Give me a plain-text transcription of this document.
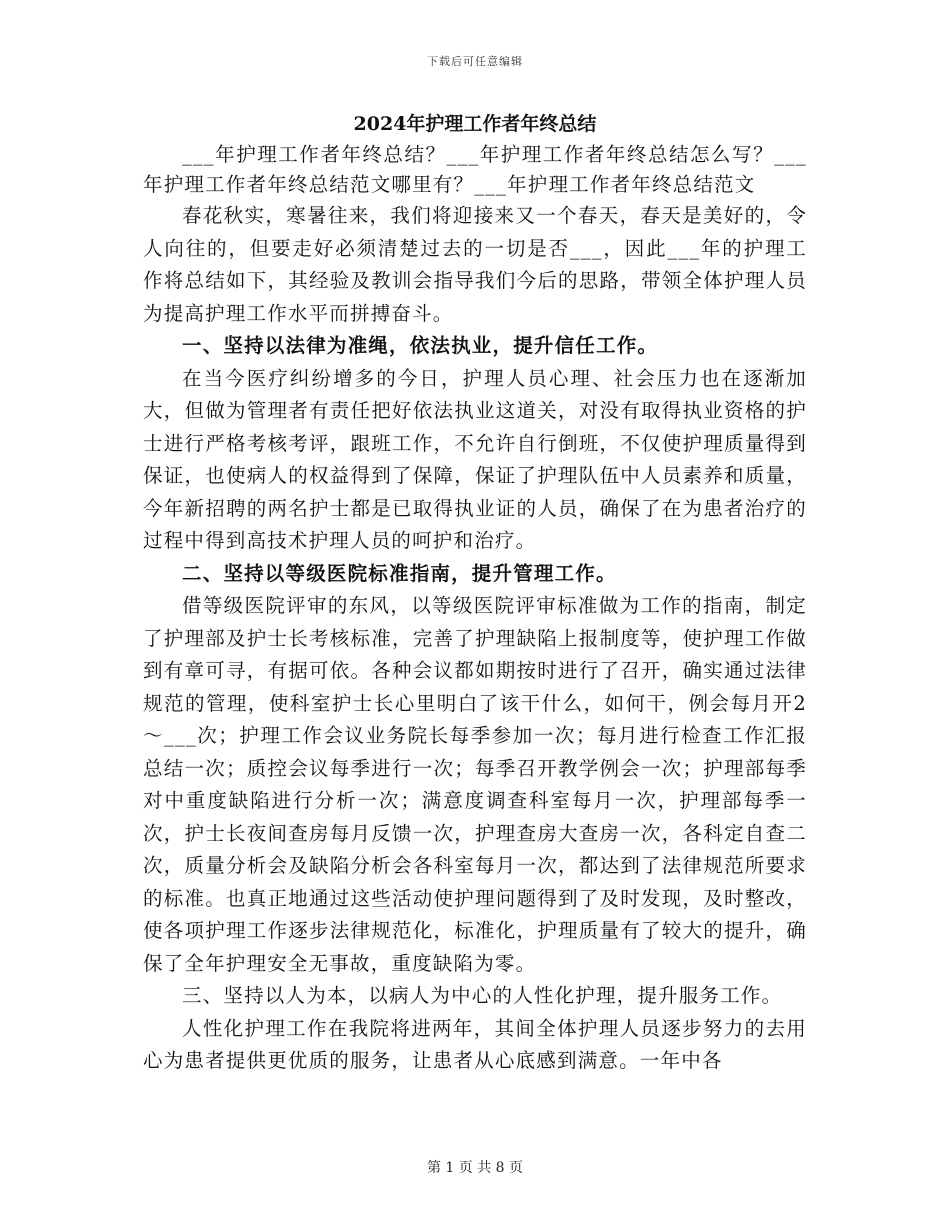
下载后可任意编辑
2024年护理工作者年终总结

___年护理工作者年终总结？___年护理工作者年终总结怎么写？___年护理工作者年终总结范文哪里有？___年护理工作者年终总结范文

春花秋实，寒暑往来，我们将迎接来又一个春天，春天是美好的，令人向往的，但要走好必须清楚过去的一切是否___，因此___年的护理工作将总结如下，其经验及教训会指导我们今后的思路，带领全体护理人员为提高护理工作水平而拼搏奋斗。

一、坚持以法律为准绳，依法执业，提升信任工作。

在当今医疗纠纷增多的今日，护理人员心理、社会压力也在逐渐加大，但做为管理者有责任把好依法执业这道关，对没有取得执业资格的护士进行严格考核考评，跟班工作，不允许自行倒班，不仅使护理质量得到保证，也使病人的权益得到了保障，保证了护理队伍中人员素养和质量，今年新招聘的两名护士都是已取得执业证的人员，确保了在为患者治疗的过程中得到高技术护理人员的呵护和治疗。

二、坚持以等级医院标准指南，提升管理工作。

借等级医院评审的东风，以等级医院评审标准做为工作的指南，制定了护理部及护士长考核标准，完善了护理缺陷上报制度等，使护理工作做到有章可寻，有据可依。各种会议都如期按时进行了召开，确实通过法律规范的管理，使科室护士长心里明白了该干什么，如何干，例会每月开2～___次；护理工作会议业务院长每季参加一次；每月进行检查工作汇报总结一次；质控会议每季进行一次；每季召开教学例会一次；护理部每季对中重度缺陷进行分析一次；满意度调查科室每月一次，护理部每季一次，护士长夜间查房每月反馈一次，护理查房大查房一次，各科定自查二次，质量分析会及缺陷分析会各科室每月一次，都达到了法律规范所要求的标准。也真正地通过这些活动使护理问题得到了及时发现，及时整改，使各项护理工作逐步法律规范化，标准化，护理质量有了较大的提升，确保了全年护理安全无事故，重度缺陷为零。

三、坚持以人为本，以病人为中心的人性化护理，提升服务工作。

人性化护理工作在我院将进两年，其间全体护理人员逐步努力的去用心为患者提供更优质的服务，让患者从心底感到满意。一年中各

第 1 页 共 8 页
